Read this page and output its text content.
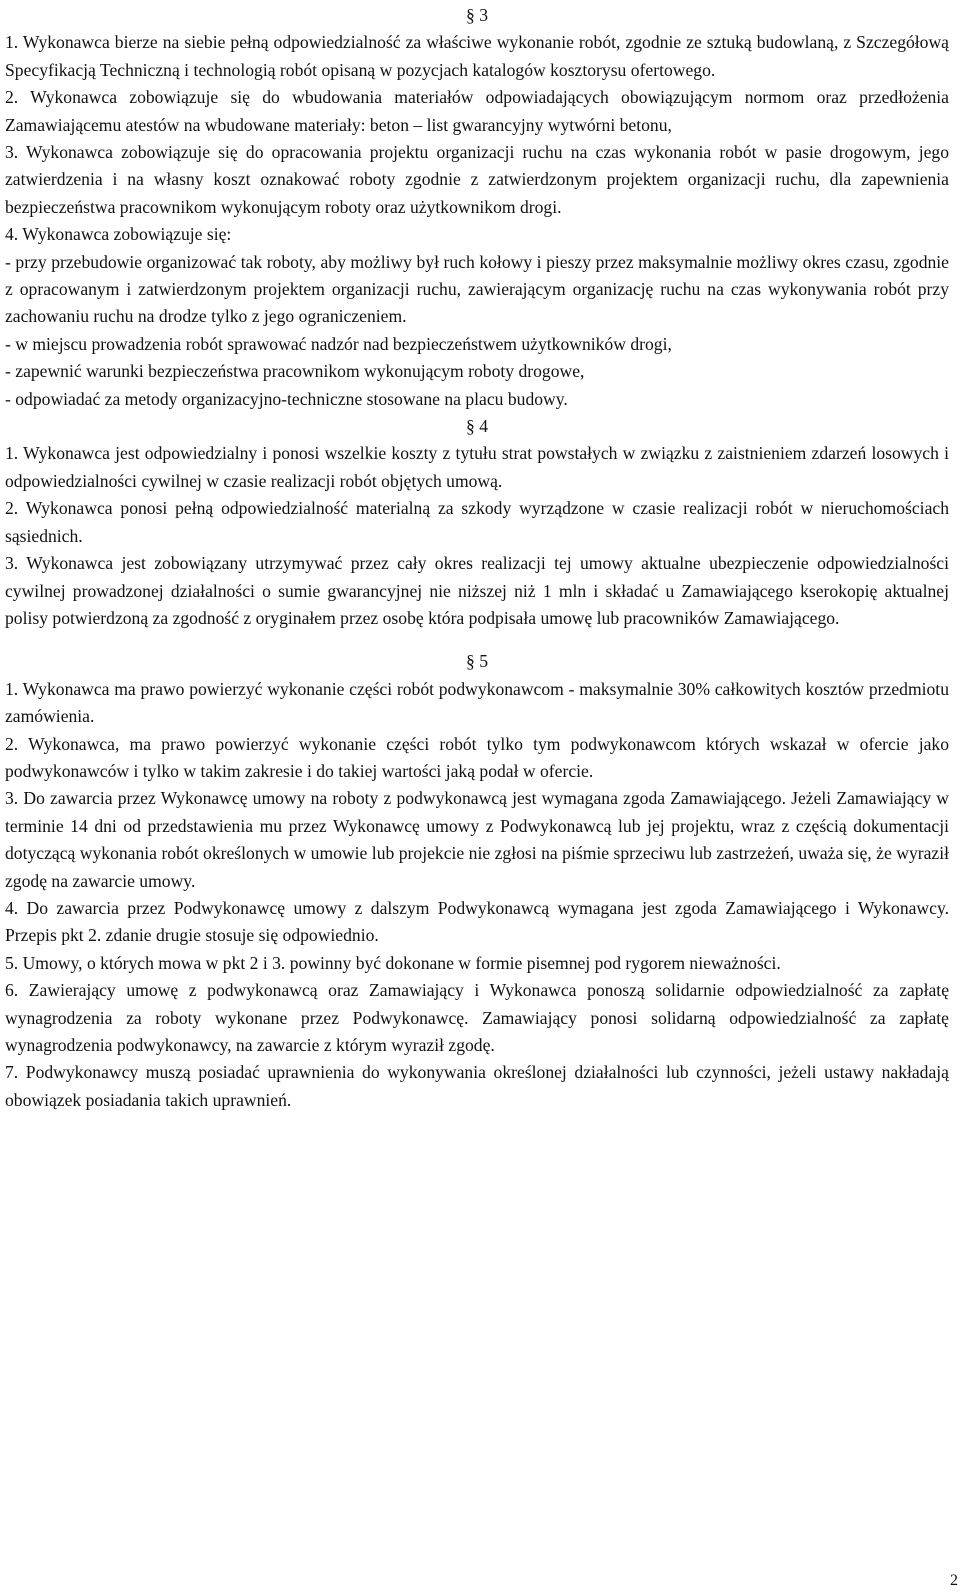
§ 3

1. Wykonawca bierze na siebie pełną odpowiedzialność za właściwe wykonanie robót, zgodnie ze sztuką budowlaną, z Szczegółową Specyfikacją Techniczną i technologią robót opisaną w pozycjach katalogów kosztorysu ofertowego.

2. Wykonawca zobowiązuje się do wbudowania materiałów odpowiadających obowiązującym normom oraz przedłożenia Zamawiającemu atestów na wbudowane materiały: beton – list gwarancyjny wytwórni betonu,

3. Wykonawca zobowiązuje się do opracowania projektu organizacji ruchu na czas wykonania robót w pasie drogowym, jego zatwierdzenia i na własny koszt oznakować roboty zgodnie z zatwierdzonym projektem organizacji ruchu, dla zapewnienia bezpieczeństwa pracownikom wykonującym roboty oraz użytkownikom drogi.

4. Wykonawca zobowiązuje się:

- przy przebudowie organizować tak roboty, aby możliwy był ruch kołowy i pieszy przez maksymalnie możliwy okres czasu, zgodnie z opracowanym i zatwierdzonym projektem organizacji ruchu, zawierającym organizację ruchu na czas wykonywania robót przy zachowaniu ruchu na drodze tylko z jego ograniczeniem.

- w miejscu prowadzenia robót sprawować nadzór nad bezpieczeństwem użytkowników drogi,

- zapewnić warunki bezpieczeństwa pracownikom wykonującym roboty drogowe,

- odpowiadać za metody organizacyjno-techniczne stosowane na placu budowy.

§ 4

1. Wykonawca jest odpowiedzialny i ponosi wszelkie koszty z tytułu strat powstałych w związku z zaistnieniem zdarzeń losowych i odpowiedzialności cywilnej w czasie realizacji robót objętych umową.

2. Wykonawca ponosi pełną odpowiedzialność materialną za szkody wyrządzone w czasie realizacji robót w nieruchomościach sąsiednich.

3. Wykonawca jest zobowiązany utrzymywać przez cały okres realizacji tej umowy aktualne ubezpieczenie odpowiedzialności cywilnej prowadzonej działalności o sumie gwarancyjnej nie niższej niż 1 mln i składać u Zamawiającego kserokopię aktualnej polisy potwierdzoną za zgodność z oryginałem przez osobę która podpisała umowę lub pracowników Zamawiającego.

§ 5

1. Wykonawca ma prawo powierzyć wykonanie części robót podwykonawcom - maksymalnie 30% całkowitych kosztów przedmiotu zamówienia.

2. Wykonawca, ma prawo powierzyć wykonanie części robót tylko tym podwykonawcom których wskazał w ofercie jako podwykonawców i tylko w takim zakresie i do takiej wartości jaką podał w ofercie.

3. Do zawarcia przez Wykonawcę umowy na roboty z podwykonawcą jest wymagana zgoda Zamawiającego. Jeżeli Zamawiający w terminie 14 dni od przedstawienia mu przez Wykonawcę umowy z Podwykonawcą lub jej projektu, wraz z częścią dokumentacji dotyczącą wykonania robót określonych w umowie lub projekcie nie zgłosi na piśmie sprzeciwu lub zastrzeżeń, uważa się, że wyraził zgodę na zawarcie umowy.

4. Do zawarcia przez Podwykonawcę umowy z dalszym Podwykonawcą wymagana jest zgoda Zamawiającego i Wykonawcy. Przepis pkt 2. zdanie drugie stosuje się odpowiednio.

5. Umowy, o których mowa w pkt 2 i 3. powinny być dokonane w formie pisemnej pod rygorem nieważności.

6. Zawierający umowę z podwykonawcą oraz Zamawiający i Wykonawca ponoszą solidarnie odpowiedzialność za zapłatę wynagrodzenia za roboty wykonane przez Podwykonawcę. Zamawiający ponosi solidarną odpowiedzialność za zapłatę wynagrodzenia podwykonawcy, na zawarcie z którym wyraził zgodę.

7. Podwykonawcy muszą posiadać uprawnienia do wykonywania określonej działalności lub czynności, jeżeli ustawy nakładają obowiązek posiadania takich uprawnień.

2
